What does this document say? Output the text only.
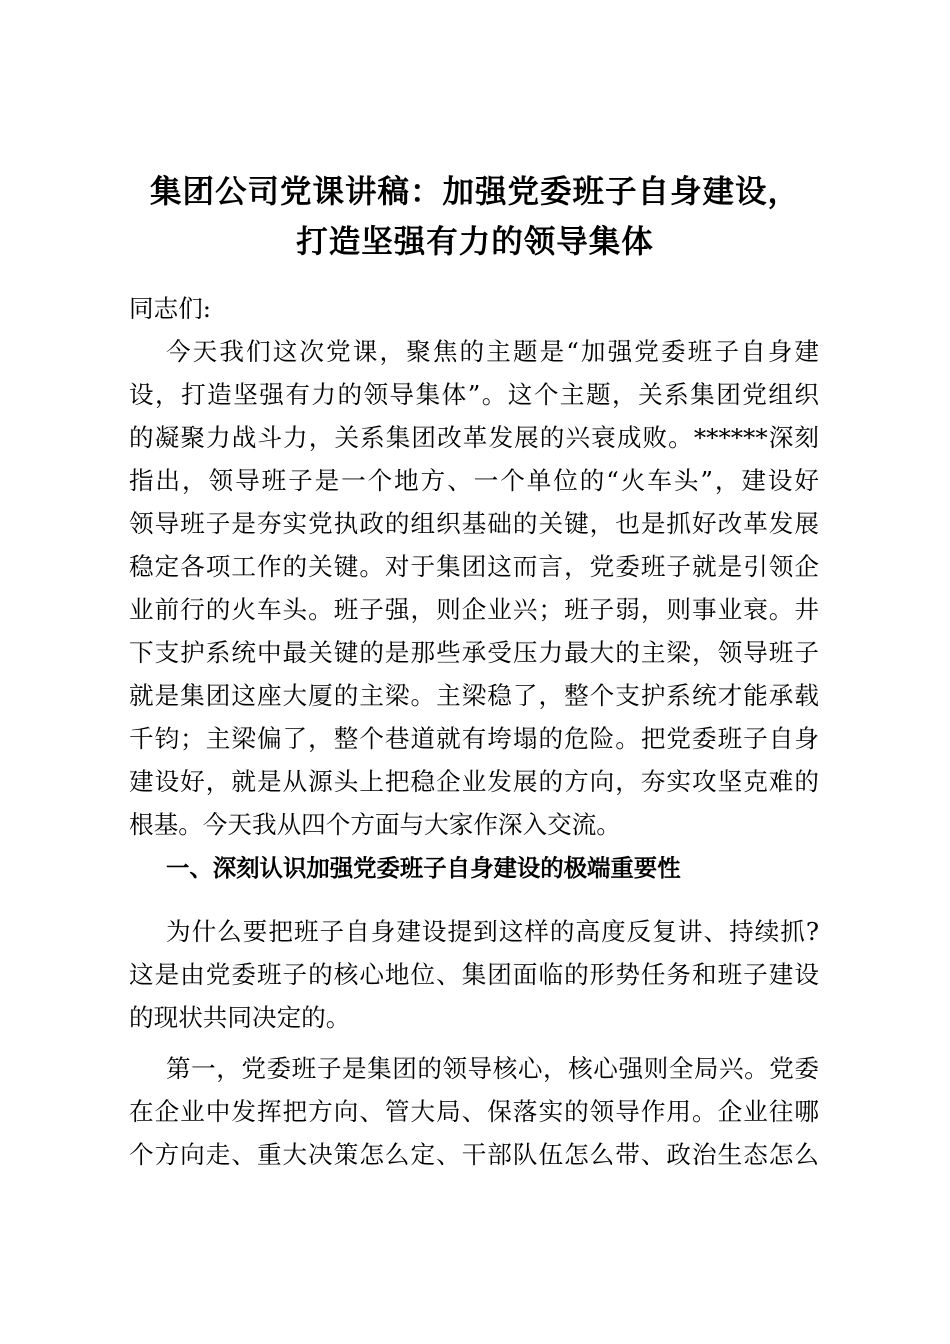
集团公司党课讲稿：加强党委班子自身建设，
打造坚强有力的领导集体
同志们:
今天我们这次党课，聚焦的主题是“加强党委班子自身建
设，打造坚强有力的领导集体”。这个主题，关系集团党组织
的凝聚力战斗力，关系集团改革发展的兴衰成败。******深刻
指出，领导班子是一个地方、一个单位的“火车头”，建设好
领导班子是夯实党执政的组织基础的关键，也是抓好改革发展
稳定各项工作的关键。对于集团这而言，党委班子就是引领企
业前行的火车头。班子强，则企业兴；班子弱，则事业衰。井
下支护系统中最关键的是那些承受压力最大的主梁，领导班子
就是集团这座大厦的主梁。主梁稳了，整个支护系统才能承载
千钧；主梁偏了，整个巷道就有垮塌的危险。把党委班子自身
建设好，就是从源头上把稳企业发展的方向，夯实攻坚克难的
根基。今天我从四个方面与大家作深入交流。
一、深刻认识加强党委班子自身建设的极端重要性
为什么要把班子自身建设提到这样的高度反复讲、持续抓?
这是由党委班子的核心地位、集团面临的形势任务和班子建设
的现状共同决定的。
第一，党委班子是集团的领导核心，核心强则全局兴。党委
在企业中发挥把方向、管大局、保落实的领导作用。企业往哪
个方向走、重大决策怎么定、干部队伍怎么带、政治生态怎么
